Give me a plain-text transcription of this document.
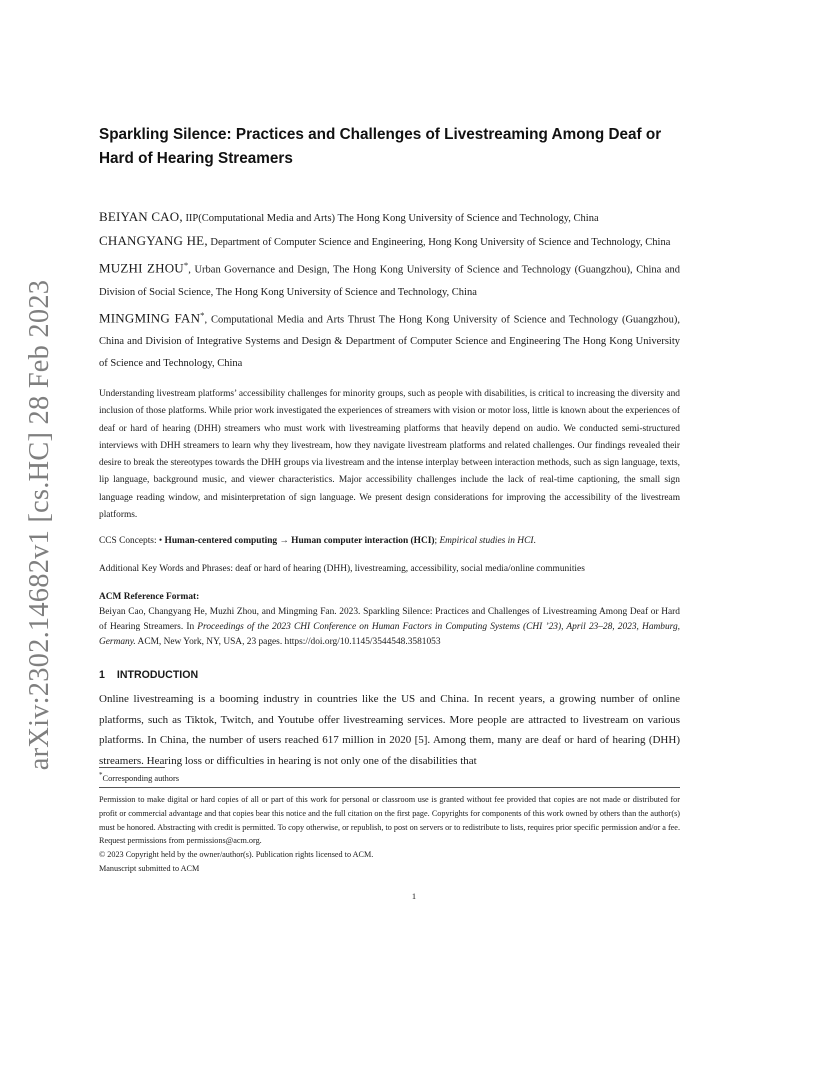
arXiv:2302.14682v1 [cs.HC] 28 Feb 2023
Sparkling Silence: Practices and Challenges of Livestreaming Among Deaf or Hard of Hearing Streamers

BEIYAN CAO, IIP(Computational Media and Arts) The Hong Kong University of Science and Technology, China

CHANGYANG HE, Department of Computer Science and Engineering, Hong Kong University of Science and Technology, China

MUZHI ZHOU*, Urban Governance and Design, The Hong Kong University of Science and Technology (Guangzhou), China and Division of Social Science, The Hong Kong University of Science and Technology, China

MINGMING FAN*, Computational Media and Arts Thrust The Hong Kong University of Science and Technology (Guangzhou), China and Division of Integrative Systems and Design & Department of Computer Science and Engineering The Hong Kong University of Science and Technology, China

Understanding livestream platforms’ accessibility challenges for minority groups, such as people with disabilities, is critical to increasing the diversity and inclusion of those platforms. While prior work investigated the experiences of streamers with vision or motor loss, little is known about the experiences of deaf or hard of hearing (DHH) streamers who must work with livestreaming platforms that heavily depend on audio. We conducted semi-structured interviews with DHH streamers to learn why they livestream, how they navigate livestream platforms and related challenges. Our findings revealed their desire to break the stereotypes towards the DHH groups via livestream and the intense interplay between interaction methods, such as sign language, texts, lip language, background music, and viewer characteristics. Major accessibility challenges include the lack of real-time captioning, the small sign language reading window, and misinterpretation of sign language. We present design considerations for improving the accessibility of the livestream platforms.
CCS Concepts: • Human-centered computing → Human computer interaction (HCI); Empirical studies in HCI.
Additional Key Words and Phrases: deaf or hard of hearing (DHH), livestreaming, accessibility, social media/online communities
ACM Reference Format:
Beiyan Cao, Changyang He, Muzhi Zhou, and Mingming Fan. 2023. Sparkling Silence: Practices and Challenges of Livestreaming Among Deaf or Hard of Hearing Streamers. In Proceedings of the 2023 CHI Conference on Human Factors in Computing Systems (CHI ’23), April 23–28, 2023, Hamburg, Germany. ACM, New York, NY, USA, 23 pages. https://doi.org/10.1145/3544548.3581053
1 INTRODUCTION
Online livestreaming is a booming industry in countries like the US and China. In recent years, a growing number of online platforms, such as Tiktok, Twitch, and Youtube offer livestreaming services. More people are attracted to livestream on various platforms. In China, the number of users reached 617 million in 2020 [5]. Among them, many are deaf or hard of hearing (DHH) streamers. Hearing loss or difficulties in hearing is not only one of the disabilities that
*Corresponding authors
Permission to make digital or hard copies of all or part of this work for personal or classroom use is granted without fee provided that copies are not made or distributed for profit or commercial advantage and that copies bear this notice and the full citation on the first page. Copyrights for components of this work owned by others than the author(s) must be honored. Abstracting with credit is permitted. To copy otherwise, or republish, to post on servers or to redistribute to lists, requires prior specific permission and/or a fee. Request permissions from permissions@acm.org.
© 2023 Copyright held by the owner/author(s). Publication rights licensed to ACM.
Manuscript submitted to ACM
1
